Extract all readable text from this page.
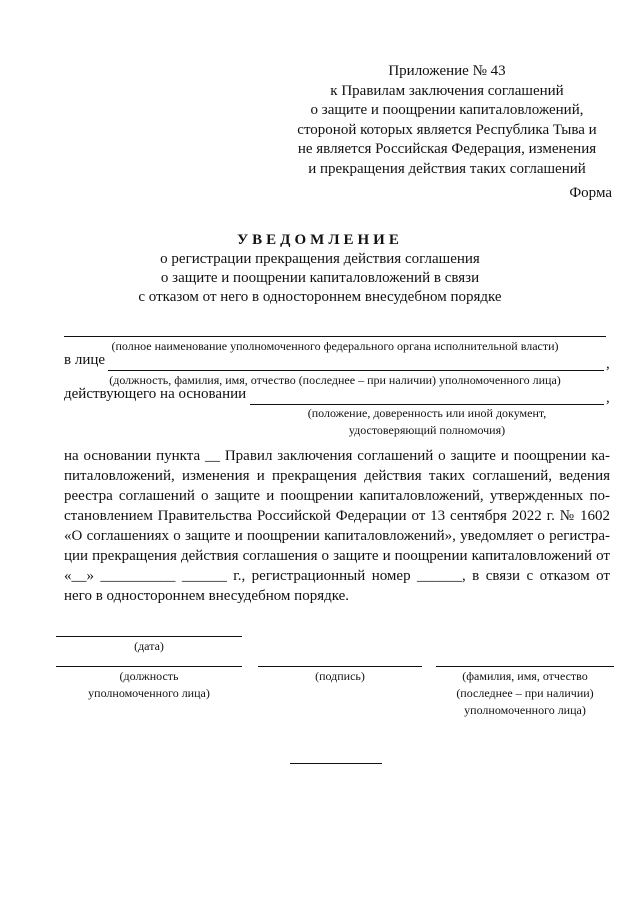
Приложение № 43
к Правилам заключения соглашений
о защите и поощрении капиталовложений,
стороной которых является Республика Тыва и
не является Российская Федерация, изменения
и прекращения действия таких соглашений
Форма
УВЕДОМЛЕНИЕ
о регистрации прекращения действия соглашения
о защите и поощрении капиталовложений в связи
с отказом от него в одностороннем внесудебном порядке
(полное наименование уполномоченного федерального органа исполнительной власти)
в лице	,
(должность, фамилия, имя, отчество (последнее – при наличии) уполномоченного лица)
действующего на основании	,
(положение, доверенность или иной документ,
удостоверяющий полномочия)
на основании пункта __ Правил заключения соглашений о защите и поощрении ка-
питаловложений, изменения и прекращения действия таких соглашений, ведения
реестра соглашений о защите и поощрении капиталовложений, утвержденных по-
становлением Правительства Российской Федерации от 13 сентября 2022 г. № 1602
«О соглашениях о защите и поощрении капиталовложений», уведомляет о регистра-
ции прекращения действия соглашения о защите и поощрении капиталовложений от
«__» __________ ______ г., регистрационный номер ______, в связи с отказом от
него в одностороннем внесудебном порядке.
(дата)
(должность
уполномоченного лица)
(подпись)	(фамилия, имя, отчество
(последнее – при наличии)
уполномоченного лица)
